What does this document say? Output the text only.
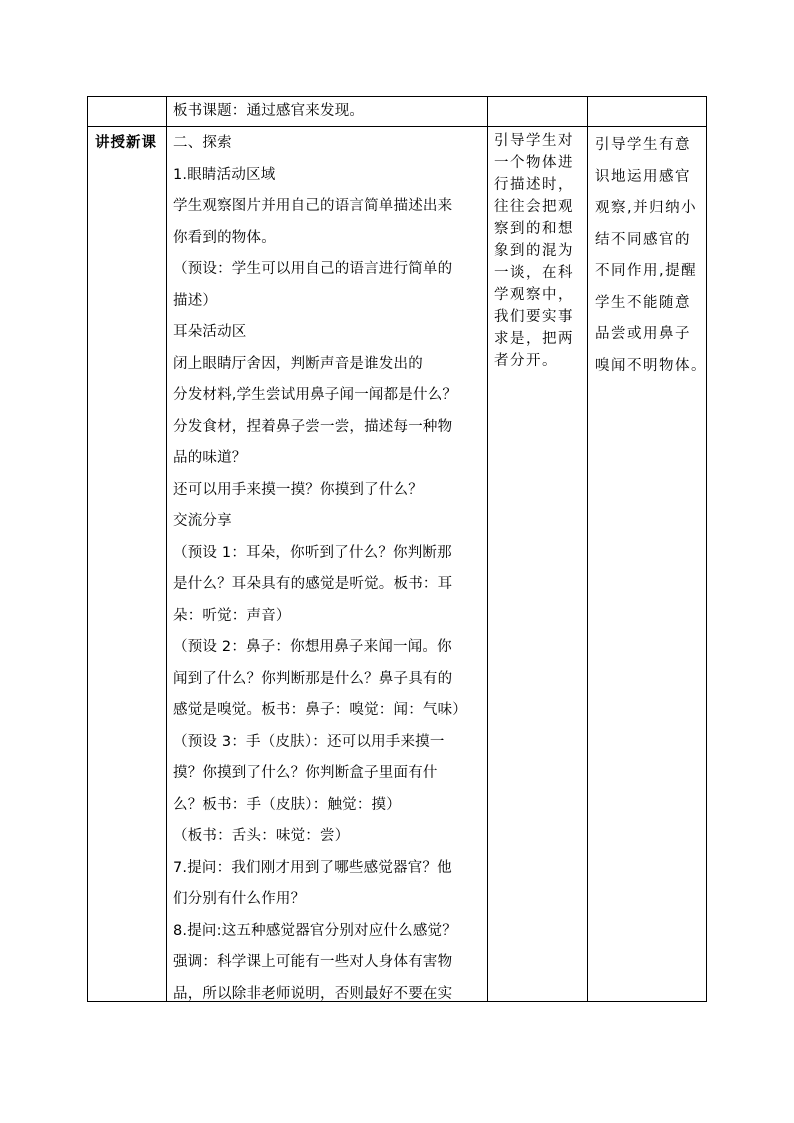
板书课题：通过感官来发现。
讲授新课 二、探索
1.眼睛活动区域
学生观察图片并用自己的语言简单描述出来
你看到的物体。
（预设：学生可以用自己的语言进行简单的
描述）
耳朵活动区
闭上眼睛厅舍因，判断声音是谁发出的
分发材料,学生尝试用鼻子闻一闻都是什么？
分发食材，捏着鼻子尝一尝，描述每一种物
品的味道？
还可以用手来摸一摸？你摸到了什么？
交流分享
（预设 1：耳朵，你听到了什么？你判断那
是什么？耳朵具有的感觉是听觉。板书：耳
朵：听觉：声音）
（预设 2：鼻子：你想用鼻子来闻一闻。你
闻到了什么？你判断那是什么？鼻子具有的
感觉是嗅觉。板书：鼻子：嗅觉：闻：气味）
（预设 3：手（皮肤）：还可以用手来摸一
摸？你摸到了什么？你判断盒子里面有什
么？板书：手（皮肤）：触觉：摸）
（板书：舌头：味觉：尝）
7.提问：我们刚才用到了哪些感觉器官？他
们分别有什么作用？
8.提问:这五种感觉器官分别对应什么感觉？
强调：科学课上可能有一些对人身体有害物
品，所以除非老师说明，否则最好不要在实
引导学生对
一个物体进
行描述时，
往往会把观
察到的和想
象到的混为
一谈，在科
学观察中，
我们要实事
求是，把两
者分开。
引导学生有意
识地运用感官
观察,并归纳小
结不同感官的
不同作用,提醒
学生不能随意
品尝或用鼻子
嗅闻不明物体。
